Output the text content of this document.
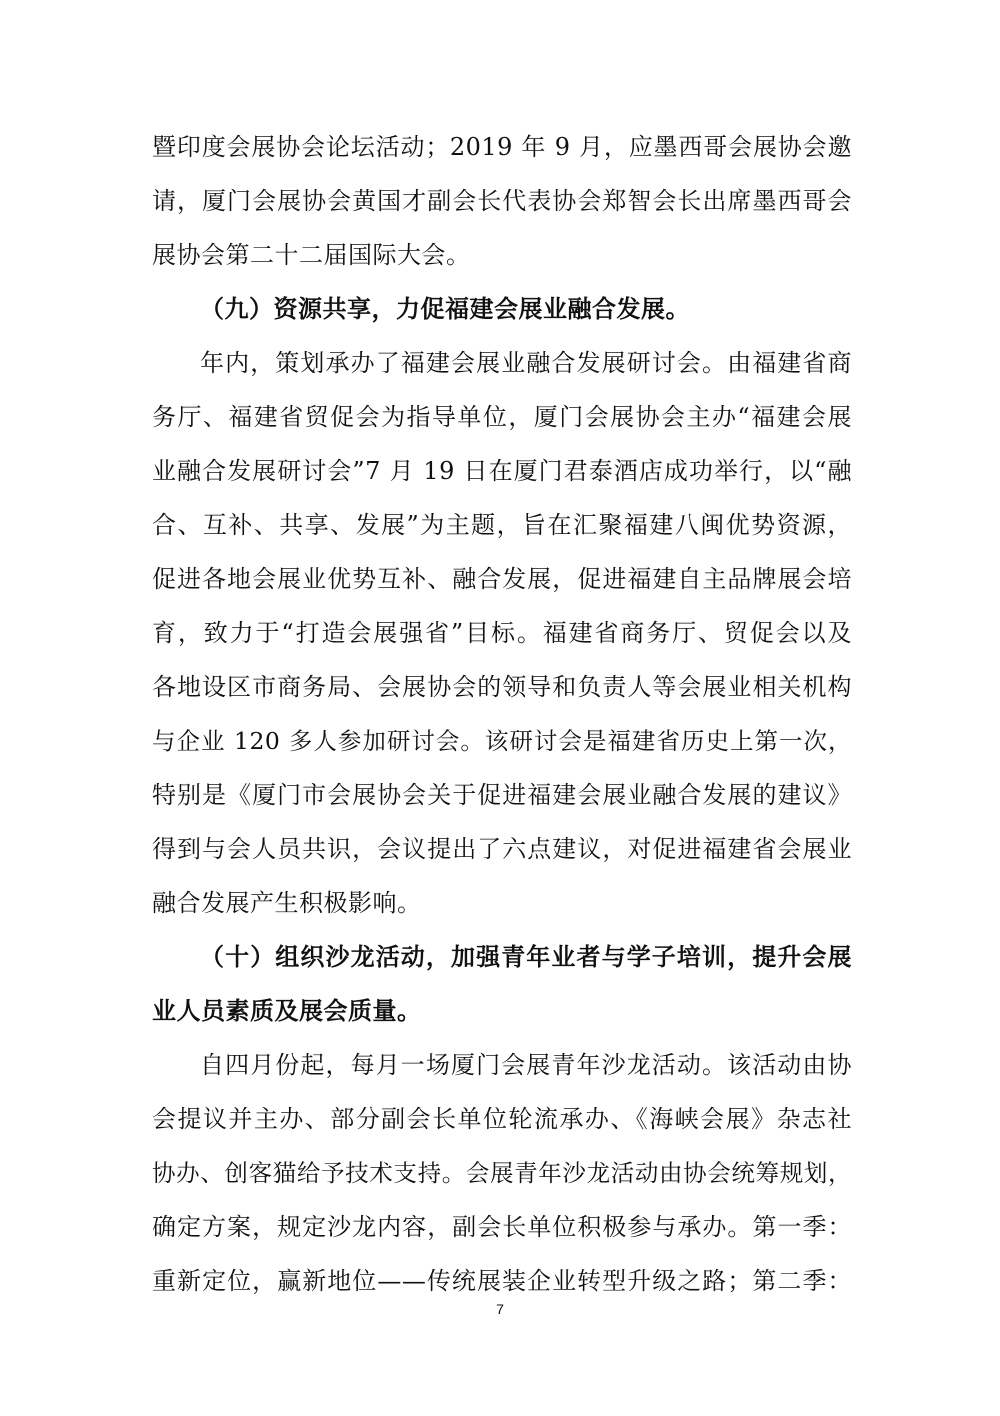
暨印度会展协会论坛活动；2019 年 9 月，应墨西哥会展协会邀
请，厦门会展协会黄国才副会长代表协会郑智会长出席墨西哥会
展协会第二十二届国际大会。
（九）资源共享，力促福建会展业融合发展。
年内，策划承办了福建会展业融合发展研讨会。由福建省商
务厅、福建省贸促会为指导单位，厦门会展协会主办“福建会展
业融合发展研讨会”7 月 19 日在厦门君泰酒店成功举行，以“融
合、互补、共享、发展”为主题，旨在汇聚福建八闽优势资源，
促进各地会展业优势互补、融合发展，促进福建自主品牌展会培
育，致力于“打造会展强省”目标。福建省商务厅、贸促会以及
各地设区市商务局、会展协会的领导和负责人等会展业相关机构
与企业 120 多人参加研讨会。该研讨会是福建省历史上第一次，
特别是《厦门市会展协会关于促进福建会展业融合发展的建议》
得到与会人员共识，会议提出了六点建议，对促进福建省会展业
融合发展产生积极影响。
（十）组织沙龙活动，加强青年业者与学子培训，提升会展
业人员素质及展会质量。
自四月份起，每月一场厦门会展青年沙龙活动。该活动由协
会提议并主办、部分副会长单位轮流承办、《海峡会展》杂志社
协办、创客猫给予技术支持。会展青年沙龙活动由协会统筹规划，
确定方案，规定沙龙内容，副会长单位积极参与承办。第一季：
重新定位，赢新地位——传统展装企业转型升级之路；第二季：
7
